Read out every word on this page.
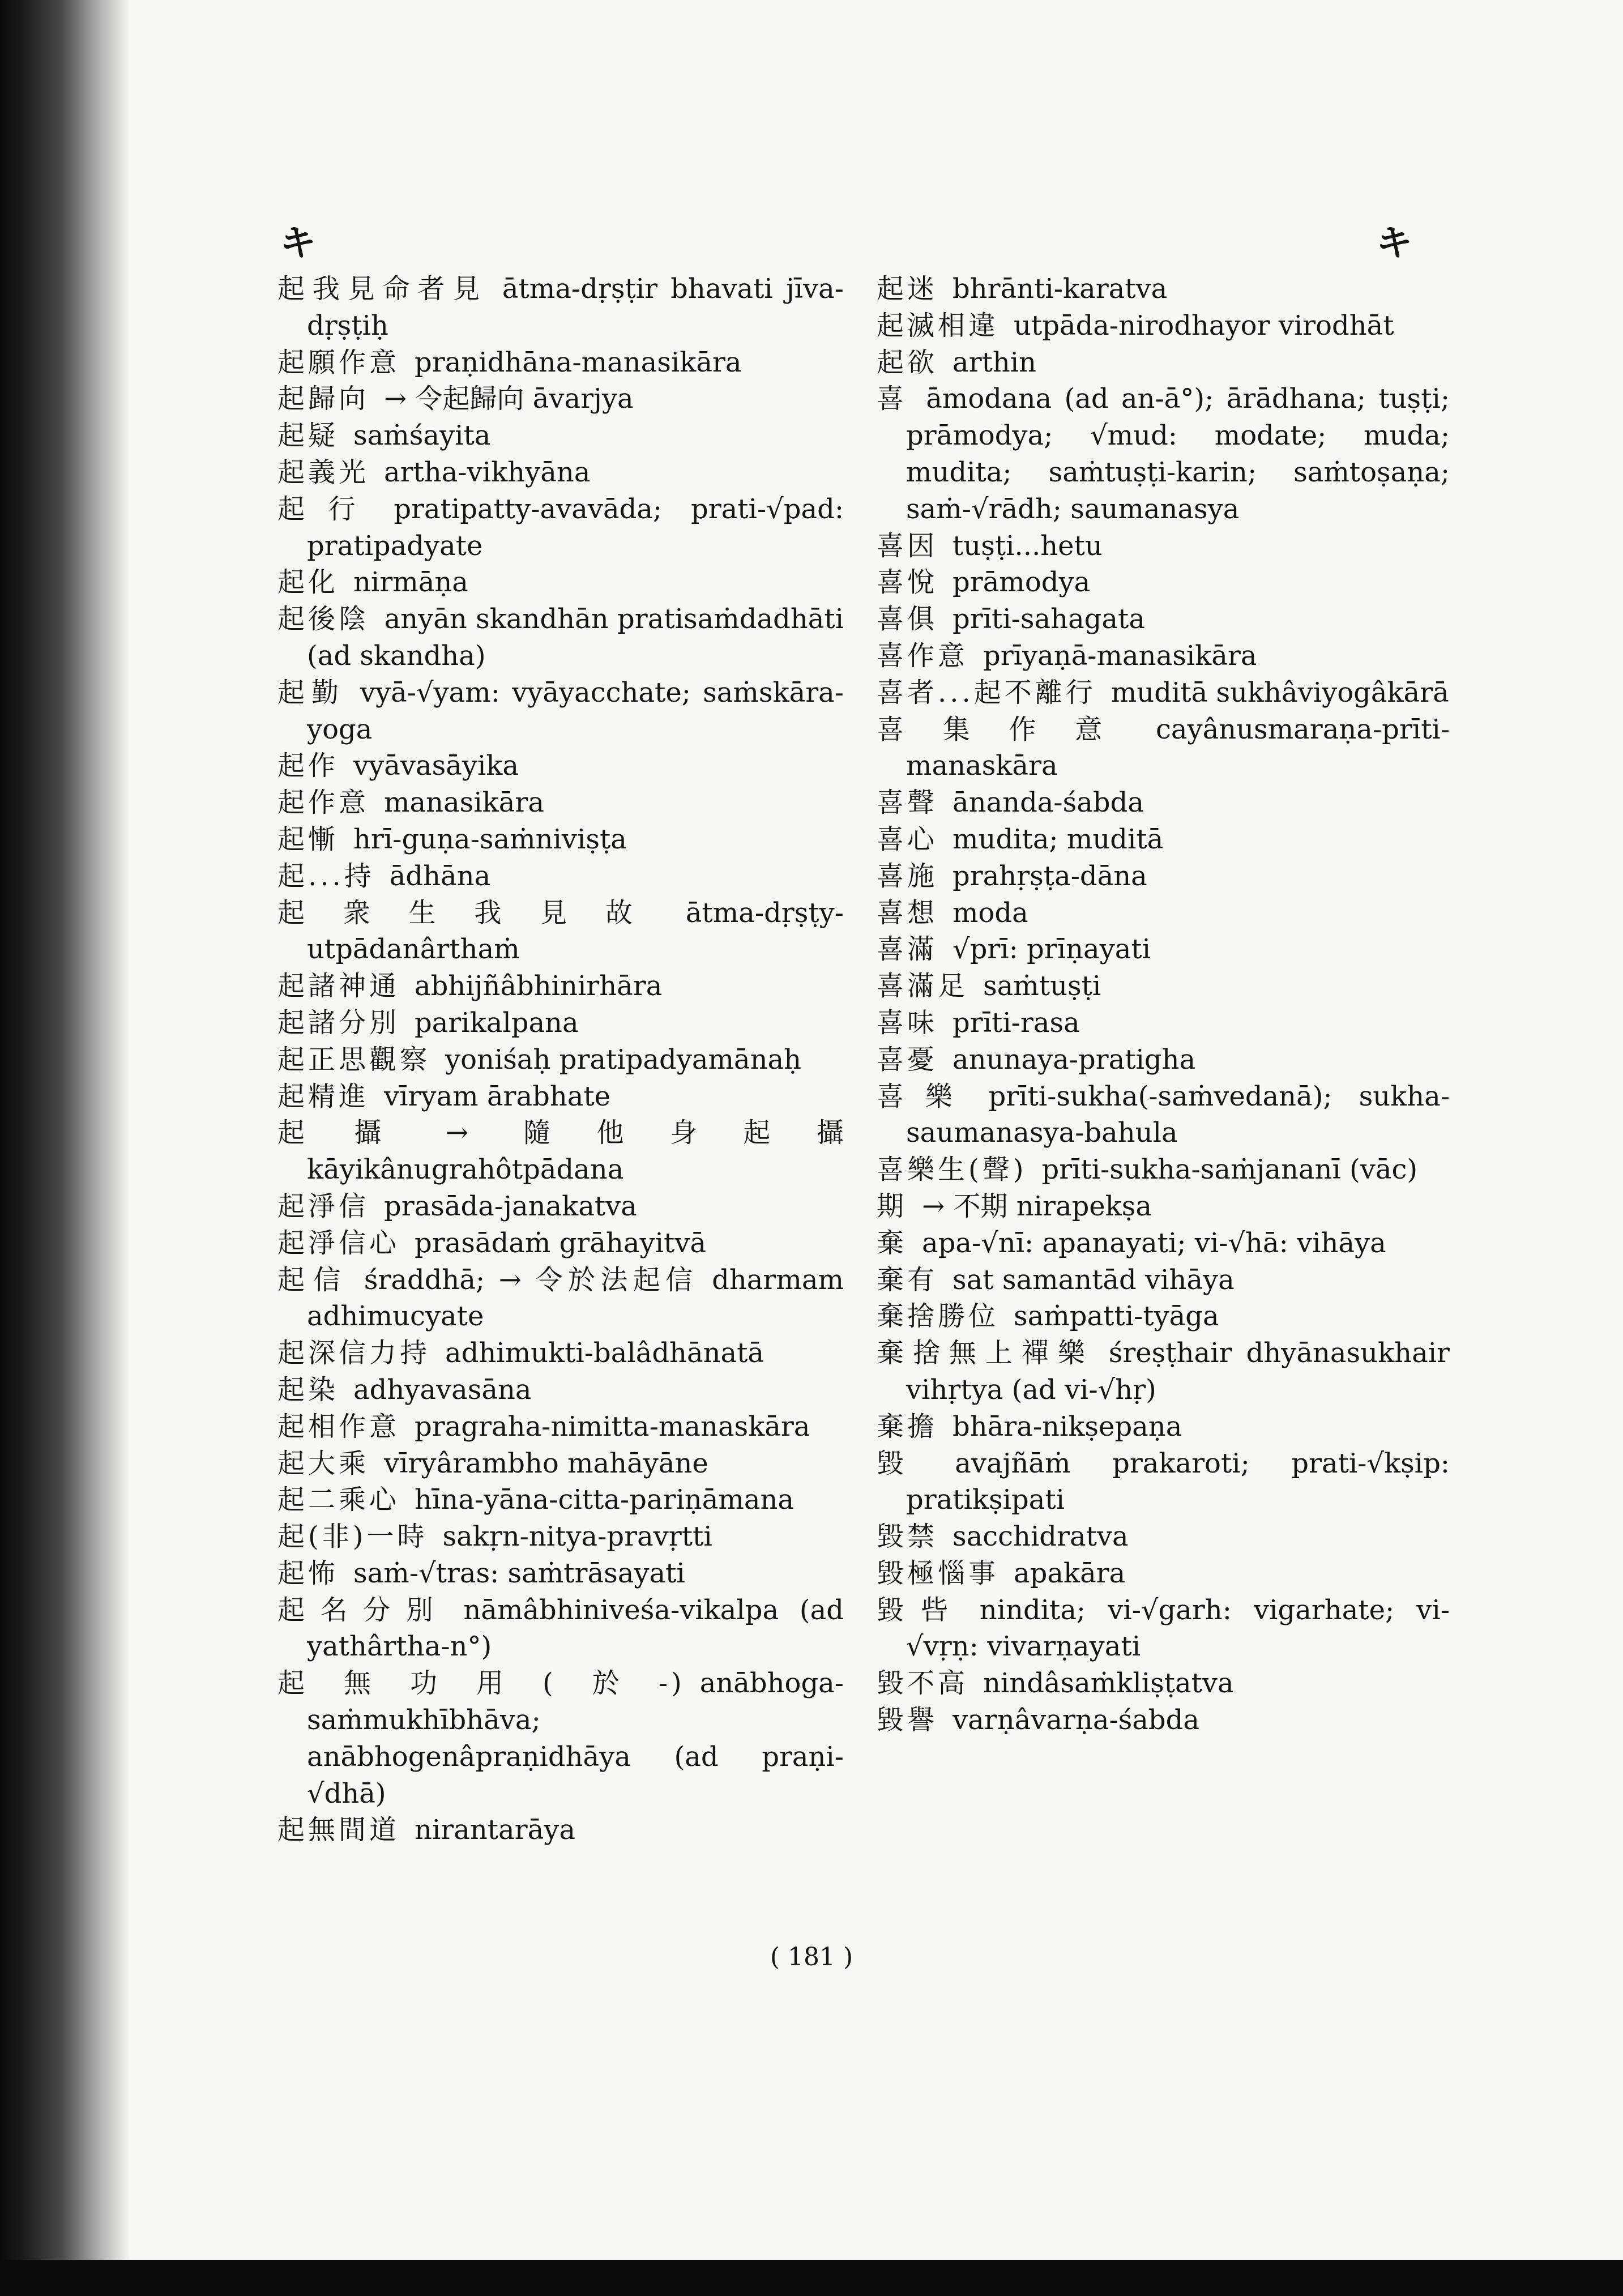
キ	キ
起我見命者見 ātma-dṛṣṭir bhavati jīva-dṛṣṭiḥ
起願作意 praṇidhāna-manasikāra
起歸向 → 令起歸向 āvarjya
起疑 saṁśayita
起義光 artha-vikhyāna
起行 pratipatty-avavāda; prati-√pad: pratipadyate
起化 nirmāṇa
起後陰 anyān skandhān pratisaṁdadhāti (ad skandha)
起勤 vyā-√yam: vyāyacchate; saṁskāra-yoga
起作 vyāvasāyika
起作意 manasikāra
起慚 hrī-guṇa-saṁniviṣṭa
起...持 ādhāna
起衆生我見故 ātma-dṛṣṭy-utpādanârthaṁ
起諸神通 abhijñâbhinirhāra
起諸分別 parikalpana
起正思觀察 yoniśaḥ pratipadyamānaḥ
起精進 vīryam ārabhate
起攝 → 隨他身起攝 kāyikânugrahôtpādana
起淨信 prasāda-janakatva
起淨信心 prasādaṁ grāhayitvā
起信 śraddhā; → 令於法起信 dharmam adhimucyate
起深信力持 adhimukti-balâdhānatā
起染 adhyavasāna
起相作意 pragraha-nimitta-manaskāra
起大乘 vīryârambho mahāyāne
起二乘心 hīna-yāna-citta-pariṇāmana
起(非)一時 sakṛn-nitya-pravṛtti
起怖 saṁ-√tras: saṁtrāsayati
起名分別 nāmâbhiniveśa-vikalpa (ad yathârtha-n°)
起無功用(於-) anābhoga-saṁmukhībhāva; anābhogenâpraṇidhāya (ad praṇi-√dhā)
起無間道 nirantarāya
起迷 bhrānti-karatva
起滅相違 utpāda-nirodhayor virodhāt
起欲 arthin
喜 āmodana (ad an-ā°); ārādhana; tuṣṭi; prāmodya; √mud: modate; muda; mudita; saṁtuṣṭi-karin; saṁtoṣaṇa; saṁ-√rādh; saumanasya
喜因 tuṣṭi...hetu
喜悅 prāmodya
喜俱 prīti-sahagata
喜作意 prīyaṇā-manasikāra
喜者...起不離行 muditā sukhâviyogâkārā
喜集作意 cayânusmaraṇa-prīti-manaskāra
喜聲 ānanda-śabda
喜心 mudita; muditā
喜施 prahṛṣṭa-dāna
喜想 moda
喜滿 √prī: prīṇayati
喜滿足 saṁtuṣṭi
喜味 prīti-rasa
喜憂 anunaya-pratigha
喜樂 prīti-sukha(-saṁvedanā); sukha-saumanasya-bahula
喜樂生(聲) prīti-sukha-saṁjananī (vāc)
期 → 不期 nirapekṣa
棄 apa-√nī: apanayati; vi-√hā: vihāya
棄有 sat samantād vihāya
棄捨勝位 saṁpatti-tyāga
棄捨無上禪樂 śreṣṭhair dhyānasukhair vihṛtya (ad vi-√hṛ)
棄擔 bhāra-nikṣepaṇa
毀 avajñāṁ prakaroti; prati-√kṣip: pratikṣipati
毀禁 sacchidratva
毀極惱事 apakāra
毀呰 nindita; vi-√garh: vigarhate; vi-√vṛṇ: vivarṇayati
毀不高 nindâsaṁkliṣṭatva
毀譽 varṇâvarṇa-śabda
( 181 )
